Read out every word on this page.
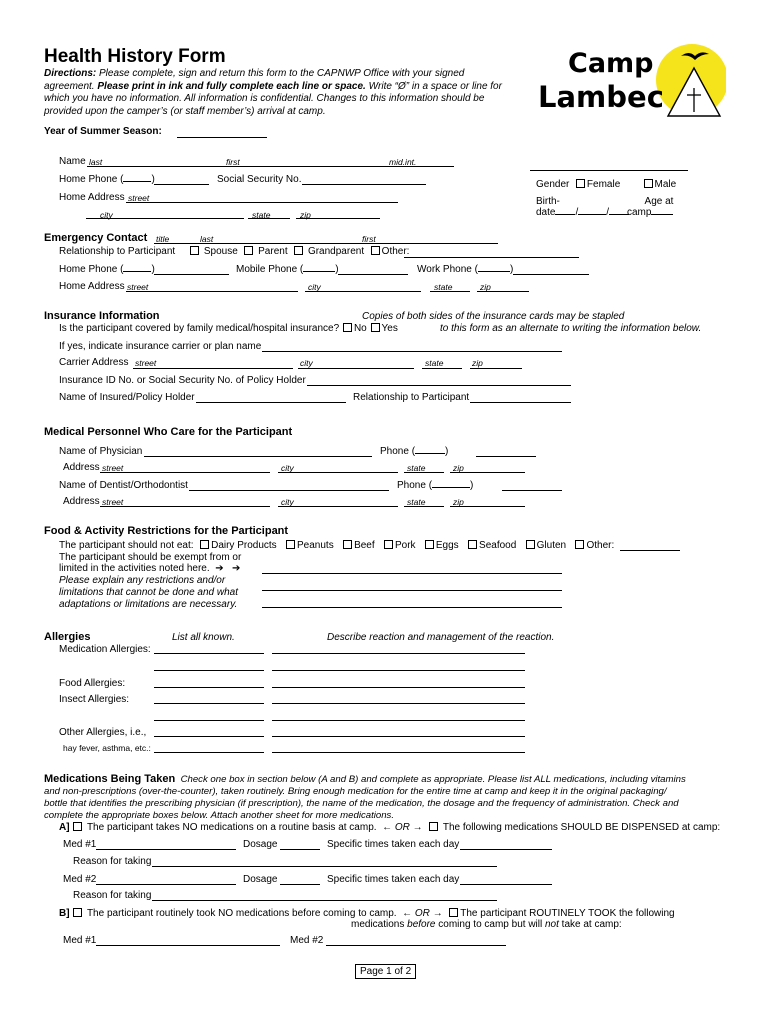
Health History Form
Directions: Please complete, sign and return this form to the CAPNWP Office with your signed agreement. Please print in ink and fully complete each line or space. Write “Ø” in a space or line for which you have no information. All information is confidential. Changes to this information should be provided upon the camper’s (or staff member’s) arrival at camp.
Camp
Lambec
Year of Summer Season:
Name last	first	mid.int.
Home Phone (	)	Social Security No.
Home Address street
city	state	zip
Gender Female	Male
Birth-
date /	/
Age at
camp
Emergency Contact title	last	first
Relationship to Participant	Spouse Parent Grandparent Other:
Home Phone (	)	Mobile Phone (	)	Work Phone (	)
Home Address street	city	state	zip
Insurance Information	Copies of both sides of the insurance cards may be stapled
to this form as an alternate to writing the information below.
Is the participant covered by family medical/hospital insurance? No Yes
If yes, indicate insurance carrier or plan name
Carrier Address street	city	state	zip
Insurance ID No. or Social Security No. of Policy Holder
Name of Insured/Policy Holder	Relationship to Participant
Medical Personnel Who Care for the Participant
Name of Physician	Phone (	)
Address street	city	state	zip
Name of Dentist/Orthodontist	Phone (	)
Address street	city	state	zip
Food & Activity Restrictions for the Participant
The participant should not eat: Dairy Products Peanuts Beef Pork Eggs Seafood Gluten Other:
The participant should be exempt from or
limited in the activities noted here. ➔ ➔
Please explain any restrictions and/or
limitations that cannot be done and what
adaptations or limitations are necessary.
Allergies	List all known.	Describe reaction and management of the reaction.
Medication Allergies:
Food Allergies:
Insect Allergies:
Other Allergies, i.e.,
hay fever, asthma, etc.:
Medications Being Taken Check one box in section below (A and B) and complete as appropriate. Please list ALL medications, including vitamins
and non-prescriptions (over-the-counter), taken routinely. Bring enough medication for the entire time at camp and keep it in the original packaging/
bottle that identifies the prescribing physician (if prescription), the name of the medication, the dosage and the frequency of administration. Check and
complete the appropriate boxes below. Attach another sheet for more medications.
A] The participant takes NO medications on a routine basis at camp. ← OR → The following medications SHOULD BE DISPENSED at camp:
Med #1	Dosage	Specific times taken each day
Reason for taking
Med #2	Dosage	Specific times taken each day
Reason for taking
B] The participant routinely took NO medications before coming to camp. ← OR → The participant ROUTINELY TOOK the following
medications before coming to camp but will not take at camp:
Med #1	Med #2
Page 1 of 2
